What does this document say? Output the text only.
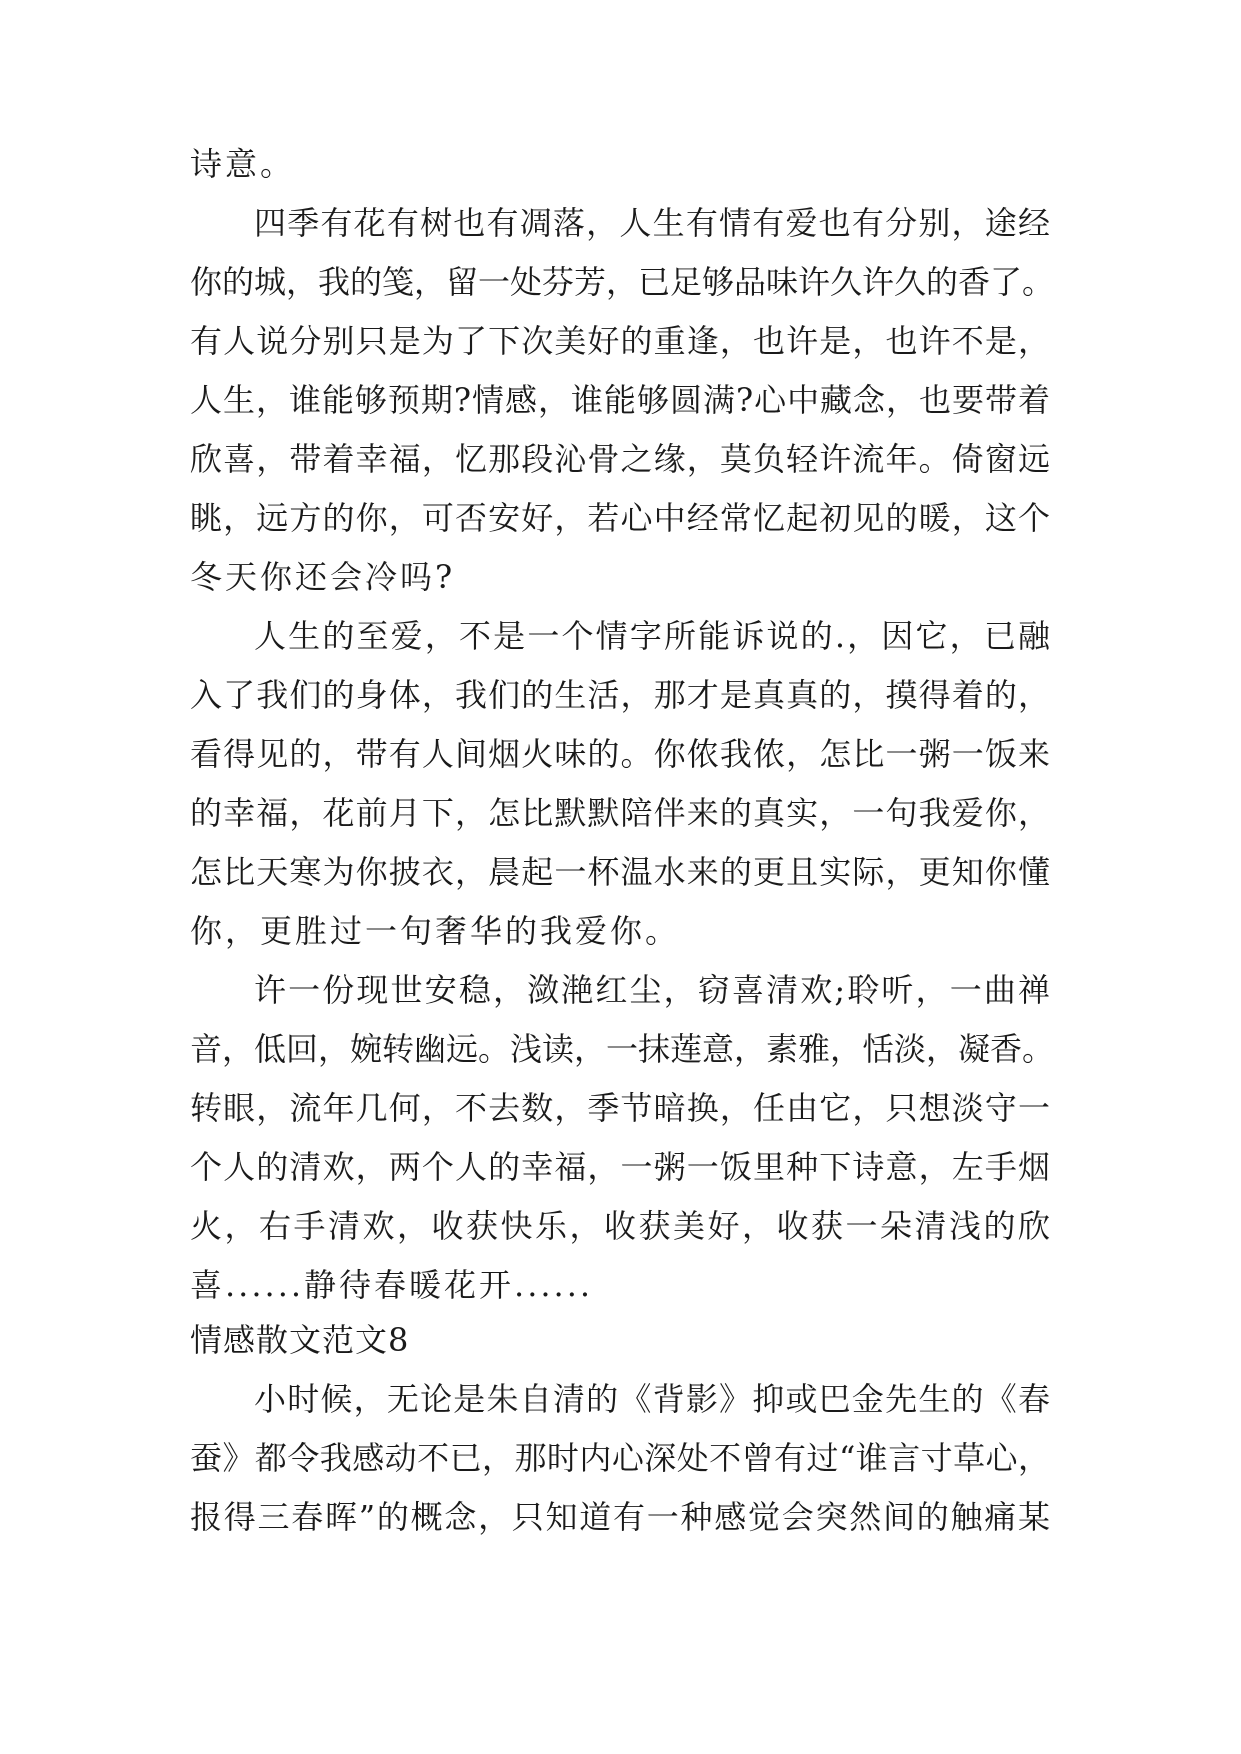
诗意。
四季有花有树也有凋落，人生有情有爱也有分别，途经
你的城，我的笺，留一处芬芳，已足够品味许久许久的香了。
有人说分别只是为了下次美好的重逢，也许是，也许不是，
人生，谁能够预期?情感，谁能够圆满?心中藏念，也要带着
欣喜，带着幸福，忆那段沁骨之缘，莫负轻许流年。倚窗远
眺，远方的你，可否安好，若心中经常忆起初见的暖，这个
冬天你还会冷吗?
人生的至爱，不是一个情字所能诉说的.，因它，已融
入了我们的身体，我们的生活，那才是真真的，摸得着的，
看得见的，带有人间烟火味的。你侬我侬，怎比一粥一饭来
的幸福，花前月下，怎比默默陪伴来的真实，一句我爱你，
怎比天寒为你披衣，晨起一杯温水来的更且实际，更知你懂
你，更胜过一句奢华的我爱你。
许一份现世安稳，潋滟红尘，窃喜清欢;聆听，一曲禅
音，低回，婉转幽远。浅读，一抹莲意，素雅，恬淡，凝香。
转眼，流年几何，不去数，季节暗换，任由它，只想淡守一
个人的清欢，两个人的幸福，一粥一饭里种下诗意，左手烟
火，右手清欢，收获快乐，收获美好，收获一朵清浅的欣
喜......静待春暖花开......
情感散文范文8
小时候，无论是朱自清的《背影》抑或巴金先生的《春
蚕》都令我感动不已，那时内心深处不曾有过“谁言寸草心，
报得三春晖”的概念，只知道有一种感觉会突然间的触痛某
